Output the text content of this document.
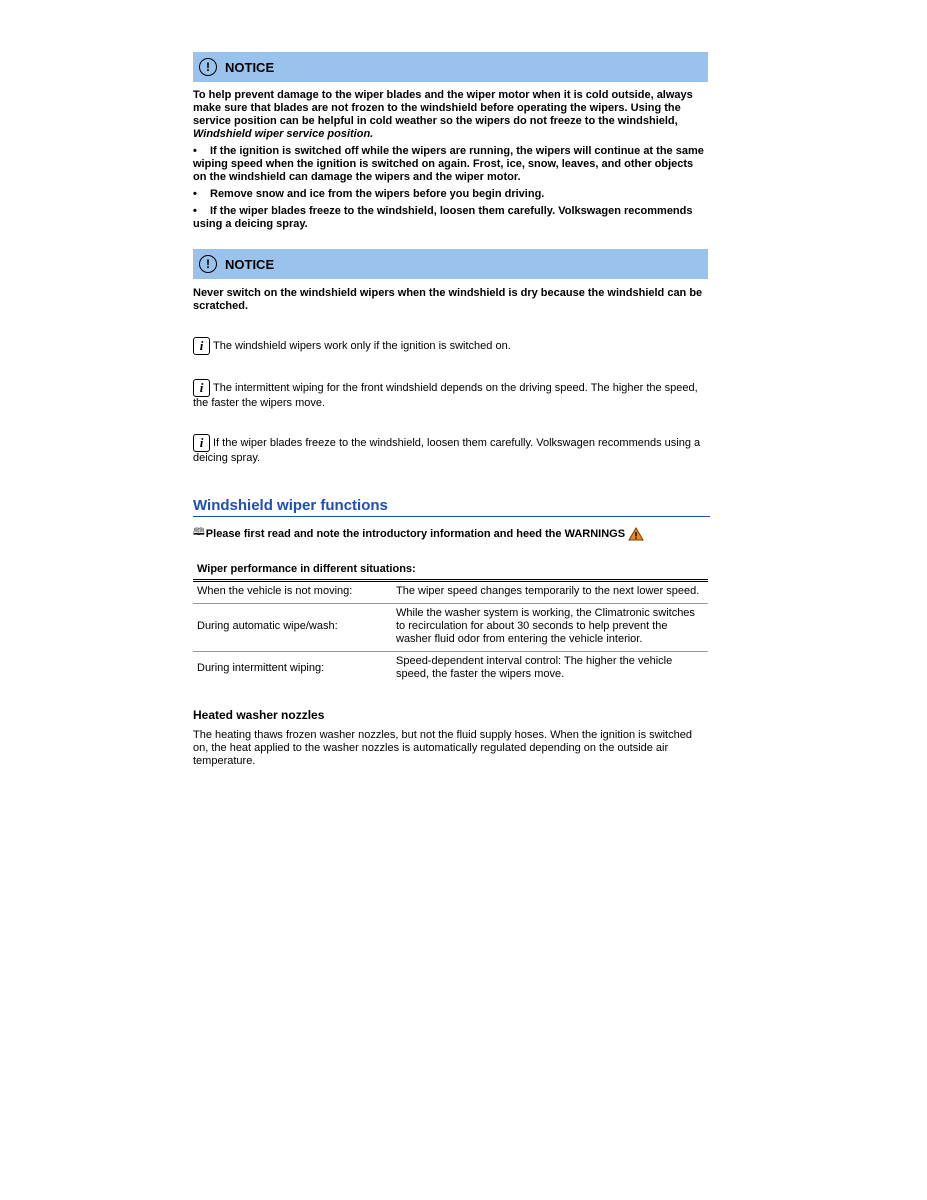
!	NOTICE
To help prevent damage to the wiper blades and the wiper motor when it is cold outside, always make sure that blades are not frozen to the windshield before operating the wipers. Using the service position can be helpful in cold weather so the wipers do not freeze to the windshield, Windshield wiper service position.
• If the ignition is switched off while the wipers are running, the wipers will continue at the same wiping speed when the ignition is switched on again. Frost, ice, snow, leaves, and other objects on the windshield can damage the wipers and the wiper motor.
• Remove snow and ice from the wipers before you begin driving.
• If the wiper blades freeze to the windshield, loosen them carefully. Volkswagen recommends using a deicing spray.
!	NOTICE
Never switch on the windshield wipers when the windshield is dry because the windshield can be scratched.
i The windshield wipers work only if the ignition is switched on.
i The intermittent wiping for the front windshield depends on the driving speed. The higher the speed, the faster the wipers move.
i If the wiper blades freeze to the windshield, loosen them carefully. Volkswagen recommends using a deicing spray.
Windshield wiper functions
🕮 Please first read and note the introductory information and heed the WARNINGS
Wiper performance in different situations:
When the vehicle is not moving:	The wiper speed changes temporarily to the next lower speed.
During automatic wipe/wash:	While the washer system is working, the Climatronic switches to recirculation for about 30 seconds to help prevent the washer fluid odor from entering the vehicle interior.
During intermittent wiping:	Speed-dependent interval control: The higher the vehicle speed, the faster the wipers move.
Heated washer nozzles
The heating thaws frozen washer nozzles, but not the fluid supply hoses. When the ignition is switched on, the heat applied to the washer nozzles is automatically regulated depending on the outside air temperature.
